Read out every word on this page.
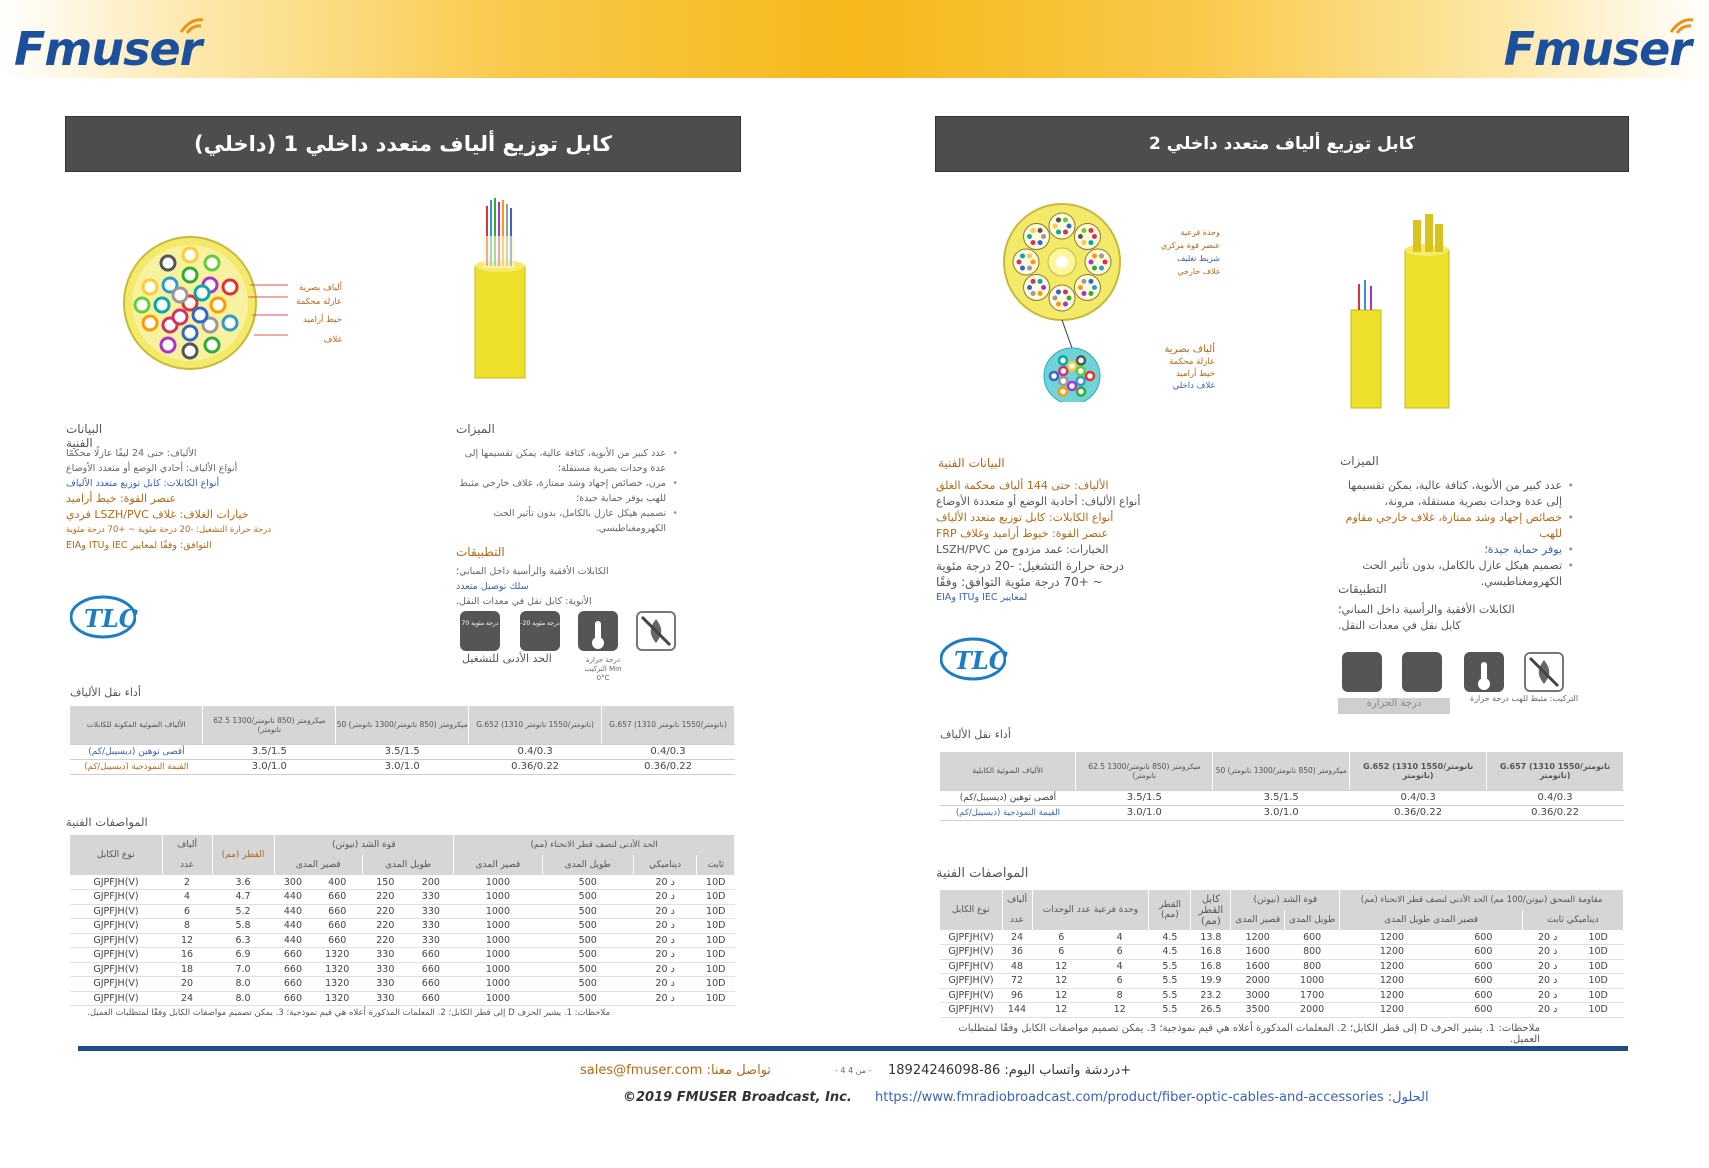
Fmuser	Fmuser
كابل توزيع ألياف متعدد داخلي 1 (داخلي)	كابل توزيع ألياف متعدد داخلي 2
ألياف بصرية
عازلة محكمة
خيط أراميد
غلاف
البيانات الفنية
الألياف: حتى 24 ليفًا عازلًا محكمًا
أنواع الألياف: أحادي الوضع أو متعدد الأوضاع
أنواع الكابلات: كابل توزيع متعدد الألياف
عنصر القوة: خيط أراميد
خيارات الغلاف: غلاف LSZH/PVC فردي
درجة حرارة التشغيل: -20 درجة مئوية ~ +70 درجة مئوية
التوافق: وفقًا لمعايير IEC وITU وEIA
الميزات
• عدد كبير من الأنوية، كثافة عالية، يمكن تقسيمها إلى عدة وحدات بصرية مستقلة؛
• مرن، خصائص إجهاد وشد ممتازة، غلاف خارجي مثبط للهب يوفر حماية جيدة؛
• تصميم هيكل عازل بالكامل، بدون تأثير الحث الكهرومغناطيسي.
التطبيقات
الكابلات الأفقية والرأسية داخل المباني؛
سلك توصيل متعدد
الأنوية: كابل نقل في معدات النقل.
70 درجة مئوية	-20 درجة مئوية
الحد الأدنى للتشغيل	درجة حرارة التركيب Min 0°C
TLC
أداء نقل الألياف
الألياف الضوئية المكونة للكابلات	62.5 ميكرومتر (850 نانومتر/1300 نانومتر)	50 ميكرومتر (850 نانومتر/1300 نانومتر)	G.652 (1310 نانومتر/1550 نانومتر)	G.657 (1310 نانومتر/1550 نانومتر)
أقصى توهين (ديسيبل/كم)	3.5/1.5	3.5/1.5	0.4/0.3	0.4/0.3
القيمة النموذجية (ديسيبل/كم)	3.0/1.0	3.0/1.0	0.36/0.22	0.36/0.22
المواصفات الفنية
نوع الكابل	ألياف	القطر (مم)	قوة الشد (نيوتن)				الحد الأدنى لنصف قطر الانحناء (مم)			
	عدد		قصير المدى		طويل المدى		قصير المدى	طويل المدى	ديناميكي	ثابت
GJPFJH(V)	2	3.6	300	400	150	200	1000	500	20 د	10D
GJPFJH(V)	4	4.7	440	660	220	330	1000	500	20 د	10D
GJPFJH(V)	6	5.2	440	660	220	330	1000	500	20 د	10D
GJPFJH(V)	8	5.8	440	660	220	330	1000	500	20 د	10D
GJPFJH(V)	12	6.3	440	660	220	330	1000	500	20 د	10D
GJPFJH(V)	16	6.9	660	1320	330	660	1000	500	20 د	10D
GJPFJH(V)	18	7.0	660	1320	330	660	1000	500	20 د	10D
GJPFJH(V)	20	8.0	660	1320	330	660	1000	500	20 د	10D
GJPFJH(V)	24	8.0	660	1320	330	660	1000	500	20 د	10D
ملاحظات: 1. يشير الحرف D إلى قطر الكابل؛ 2. المعلمات المذكورة أعلاه هي قيم نموذجية؛ 3. يمكن تصميم مواصفات الكابل وفقًا لمتطلبات العميل.
وحدة فرعية
عنصر قوة مركزي
شريط تغليف
غلاف خارجي
ألياف بصرية
عازلة محكمة
خيط أراميد
غلاف داخلي
البيانات الفنية
الألياف: حتى 144 ألياف محكمة الغلق
أنواع الألياف: أحادية الوضع أو متعددة الأوضاع
أنواع الكابلات: كابل توزيع متعدد الألياف
عنصر القوة: خيوط أراميد وغلاف FRP
الخيارات: غمد مزدوج من LSZH/PVC
درجة حرارة التشغيل: -20 درجة مئوية
~ +70 درجة مئوية التوافق: وفقًا
لمعايير IEC وITU وEIA
الميزات
• عدد كبير من الأنوية، كثافة عالية، يمكن تقسيمها إلى عدة وحدات بصرية مستقلة، مرونة،
• خصائص إجهاد وشد ممتازة، غلاف خارجي مقاوم للهب
• يوفر حماية جيدة؛
• تصميم هيكل عازل بالكامل، بدون تأثير الحث الكهرومغناطيسي.
التطبيقات
الكابلات الأفقية والرأسية داخل المباني؛
كابل نقل في معدات النقل.
درجة الحرارة	التركيب: مثبط للهب درجة حرارة
TLC
أداء نقل الألياف
الألياف الضوئية الكابلية	62.5 ميكرومتر (850 نانومتر/1300 نانومتر)	50 ميكرومتر (850 نانومتر/1300 نانومتر)	G.652 (1310 نانومتر/1550 نانومتر)	G.657 (1310 نانومتر/1550 نانومتر)
أقصى توهين (ديسيبل/كم)	3.5/1.5	3.5/1.5	0.4/0.3	0.4/0.3
القيمة النموذجية (ديسيبل/كم)	3.0/1.0	3.0/1.0	0.36/0.22	0.36/0.22
المواصفات الفنية
نوع الكابل	ألياف	وحدة فرعية عدد الوحدات		القطر (مم)	كابل القطر (مم)	قوة الشد (نيوتن)		مقاومة السحق (نيوتن/100 مم) الحد الأدنى لنصف قطر الانحناء (مم)			
	عدد					قصير المدى	طويل المدى	قصير المدى طويل المدى		ديناميكي ثابت	
GJPFJH(V)	24	6	4	4.5	13.8	1200	600	1200	600	20 د	10D
GJPFJH(V)	36	6	6	4.5	16.8	1600	800	1200	600	20 د	10D
GJPFJH(V)	48	12	4	5.5	16.8	1600	800	1200	600	20 د	10D
GJPFJH(V)	72	12	6	5.5	19.9	2000	1000	1200	600	20 د	10D
GJPFJH(V)	96	12	8	5.5	23.2	3000	1700	1200	600	20 د	10D
GJPFJH(V)	144	12	12	5.5	26.5	3500	2000	1200	600	20 د	10D
ملاحظات: 1. يشير الحرف D إلى قطر الكابل؛ 2. المعلمات المذكورة أعلاه هي قيم نموذجية؛ 3. يمكن تصميم مواصفات الكابل وفقًا لمتطلبات العميل.
sales@fmuser.com :تواصل معنا	- 4 من 4 - دردشة واتساب اليوم: 86-18924246098+
©2019 FMUSER Broadcast, Inc. https://www.fmradiobroadcast.com/product/fiber-optic-cables-and-accessories :الحلول
